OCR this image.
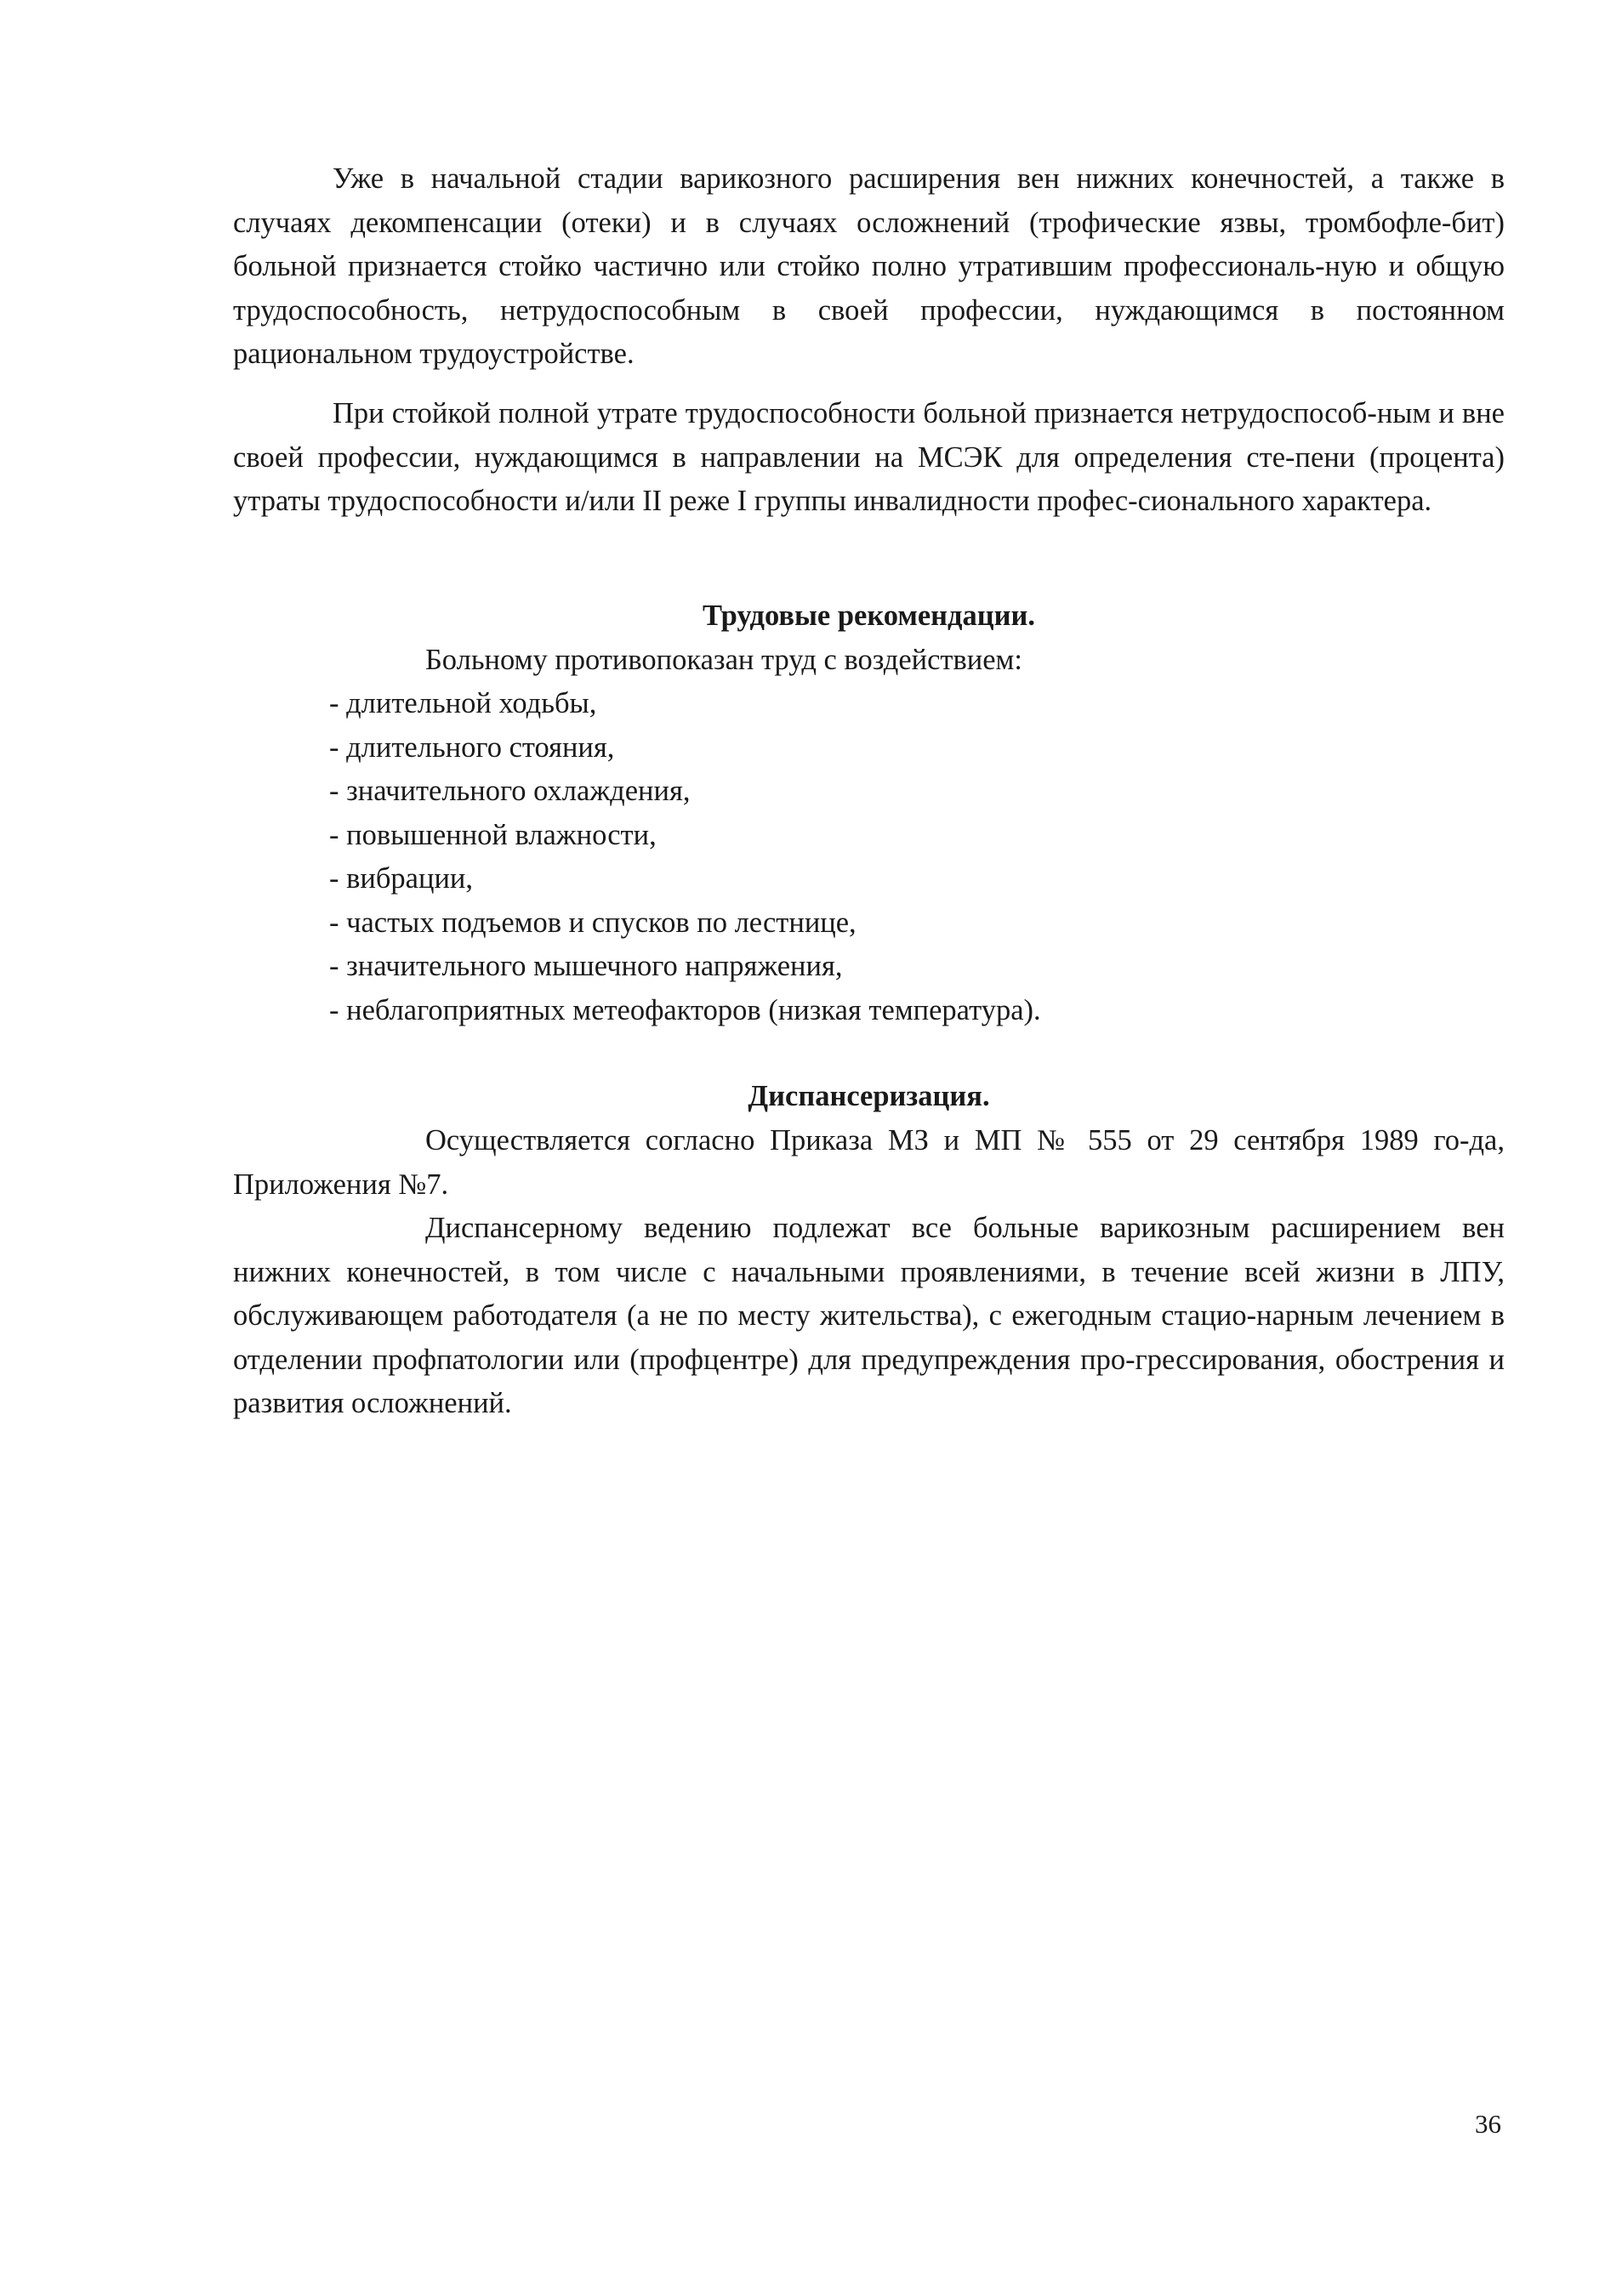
Уже в начальной стадии варикозного расширения вен нижних конечностей, а также в случаях декомпенсации (отеки) и в случаях осложнений (трофические язвы, тромбофле-бит) больной признается стойко частично или стойко полно утратившим профессиональ-ную и общую трудоспособность, нетрудоспособным в своей профессии, нуждающимся в постоянном рациональном трудоустройстве.

При стойкой полной утрате трудоспособности больной признается нетрудоспособ-ным и вне своей профессии, нуждающимся в направлении на МСЭК для определения сте-пени (процента) утраты трудоспособности и/или II реже I группы инвалидности профес-сионального характера.

Трудовые рекомендации.

Больному противопоказан труд с воздействием:

- длительной ходьбы,
- длительного стояния,
- значительного охлаждения,
- повышенной влажности,
- вибрации,
- частых подъемов и спусков по лестнице,
- значительного мышечного напряжения,
- неблагоприятных метеофакторов (низкая температура).
Диспансеризация.

Осуществляется согласно Приказа МЗ и МП № 555 от 29 сентября 1989 го-да, Приложения №7.

Диспансерному ведению подлежат все больные варикозным расширением вен нижних конечностей, в том числе с начальными проявлениями, в течение всей жизни в ЛПУ, обслуживающем работодателя (а не по месту жительства), с ежегодным стацио-нарным лечением в отделении профпатологии или (профцентре) для предупреждения про-грессирования, обострения и развития осложнений.

36
